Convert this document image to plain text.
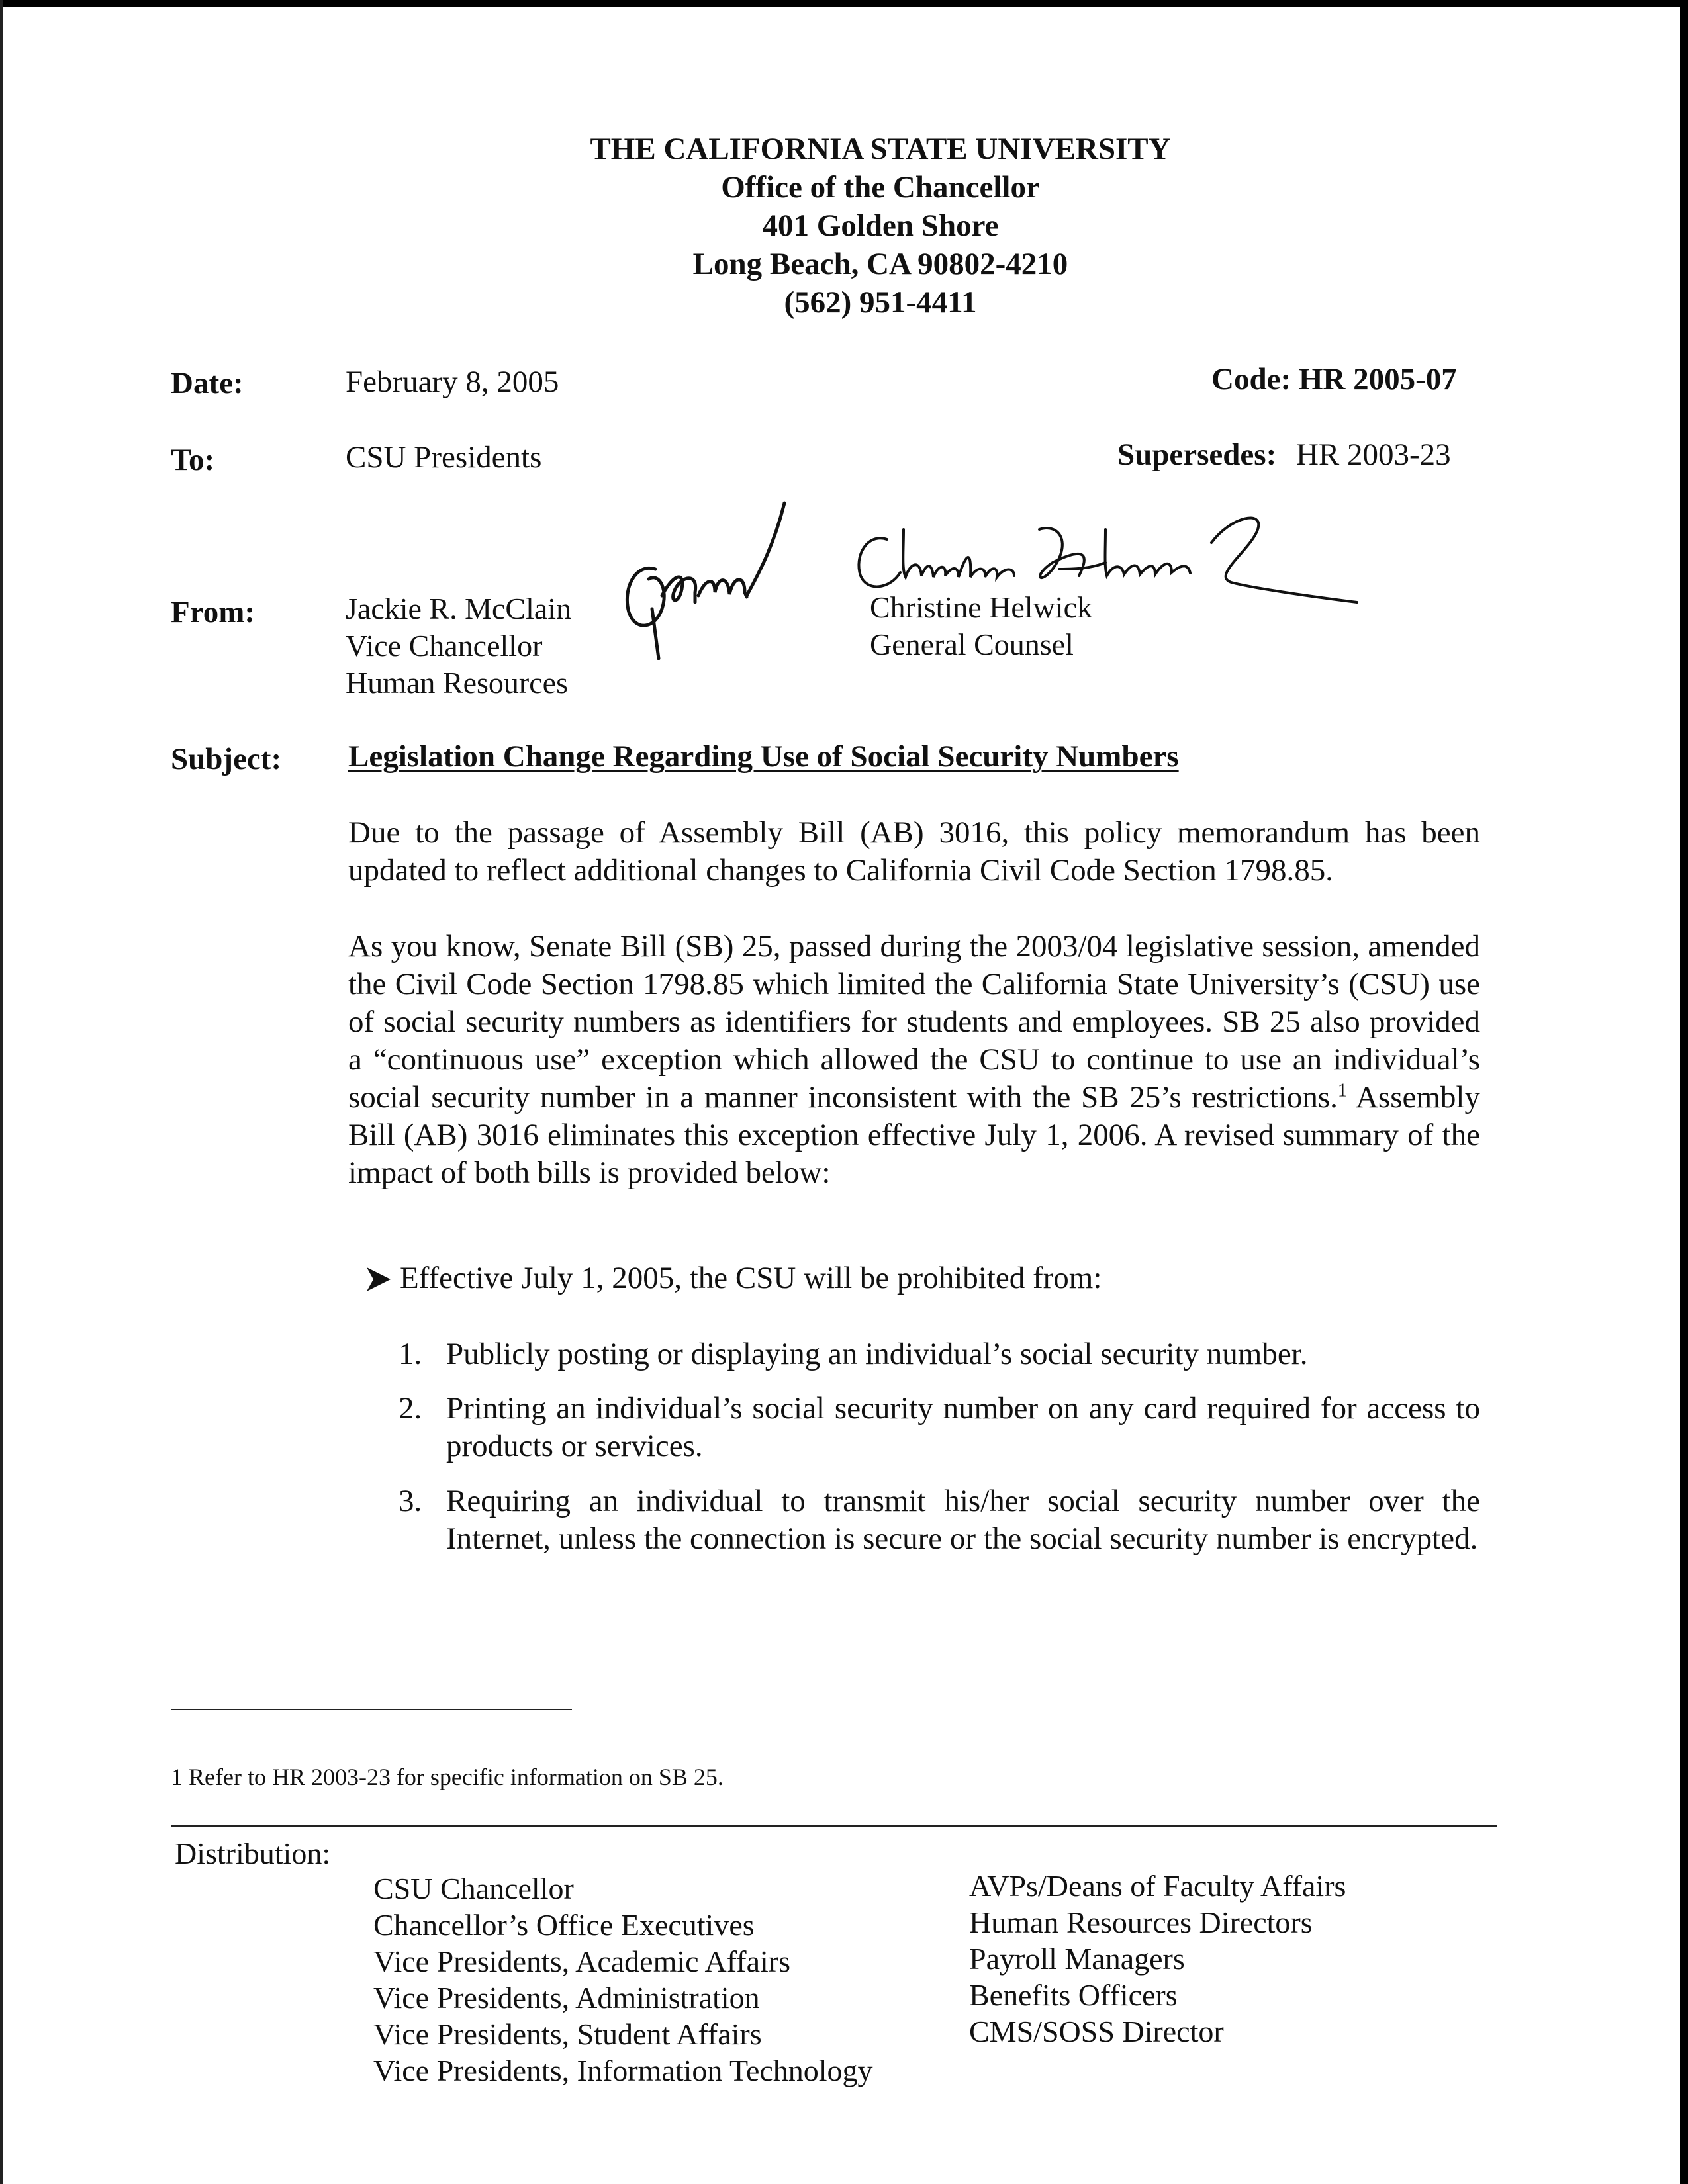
THE CALIFORNIA STATE UNIVERSITY
Office of the Chancellor
401 Golden Shore
Long Beach, CA 90802-4210
(562) 951-4411
Date:	February 8, 2005	Code: HR 2005-07
To:	CSU Presidents	Supersedes: HR 2003-23
From:	Jackie R. McClain
Vice Chancellor
Human Resources
Christine Helwick
General Counsel
Subject: Legislation Change Regarding Use of Social Security Numbers

Due to the passage of Assembly Bill (AB) 3016, this policy memorandum has been updated to reflect additional changes to California Civil Code Section 1798.85.

As you know, Senate Bill (SB) 25, passed during the 2003/04 legislative session, amended the Civil Code Section 1798.85 which limited the California State University’s (CSU) use of social security numbers as identifiers for students and employees. SB 25 also provided a “continuous use” exception which allowed the CSU to continue to use an individual’s social security number in a manner inconsistent with the SB 25’s restrictions.$^1$ Assembly Bill (AB) 3016 eliminates this exception effective July 1, 2006. A revised summary of the impact of both bills is provided below:

Effective July 1, 2005, the CSU will be prohibited from:
1. Publicly posting or displaying an individual’s social security number.
2. Printing an individual’s social security number on any card required for access to products or services.
3. Requiring an individual to transmit his/her social security number over the Internet, unless the connection is secure or the social security number is encrypted.
1 Refer to HR 2003-23 for specific information on SB 25.
Distribution:
CSU Chancellor
Chancellor’s Office Executives
Vice Presidents, Academic Affairs
Vice Presidents, Administration
Vice Presidents, Student Affairs
Vice Presidents, Information Technology
AVPs/Deans of Faculty Affairs
Human Resources Directors
Payroll Managers
Benefits Officers
CMS/SOSS Director
